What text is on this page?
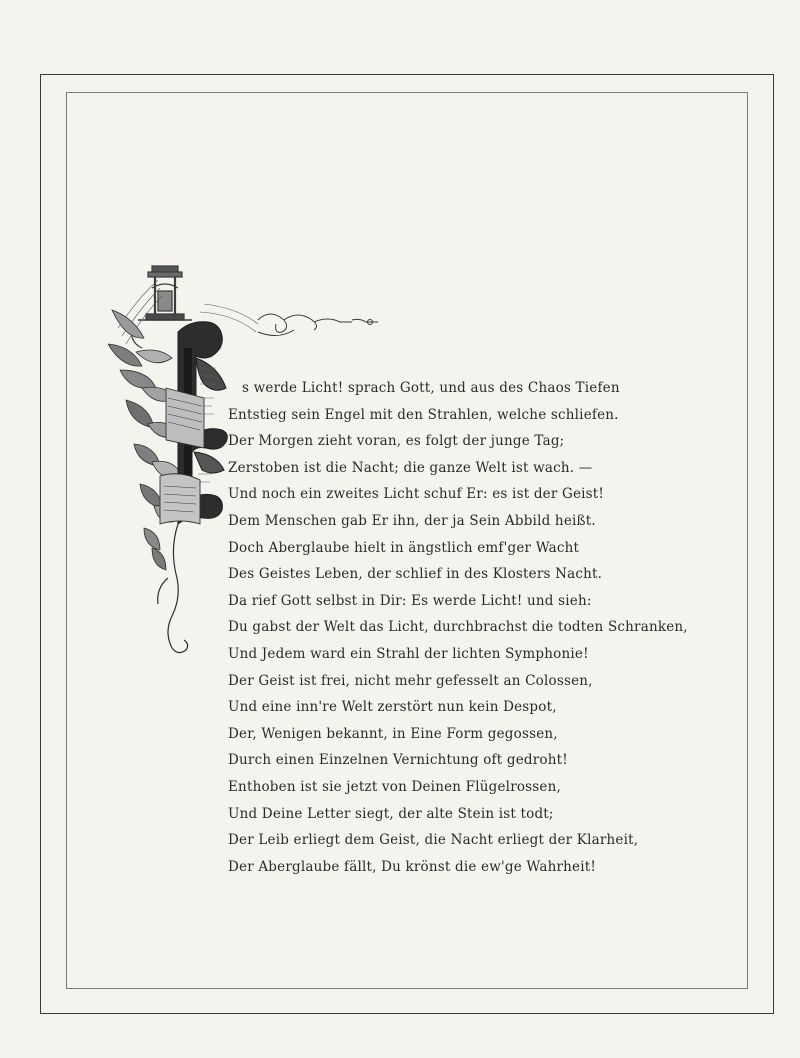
s werde Licht! sprach Gott, und aus des Chaos Tiefen
Entstieg sein Engel mit den Strahlen, welche schliefen.
Der Morgen zieht voran, es folgt der junge Tag;
Zerstoben ist die Nacht; die ganze Welt ist wach. —
Und noch ein zweites Licht schuf Er: es ist der Geist!
Dem Menschen gab Er ihn, der ja Sein Abbild heißt.
Doch Aberglaube hielt in ängstlich emf'ger Wacht
Des Geistes Leben, der schlief in des Klosters Nacht.
Da rief Gott selbst in Dir: Es werde Licht! und sieh:
Du gabst der Welt das Licht, durchbrachst die todten Schranken,
Und Jedem ward ein Strahl der lichten Symphonie!
Der Geist ist frei, nicht mehr gefesselt an Colossen,
Und eine inn're Welt zerstört nun kein Despot,
Der, Wenigen bekannt, in Eine Form gegossen,
Durch einen Einzelnen Vernichtung oft gedroht!
Enthoben ist sie jetzt von Deinen Flügelrossen,
Und Deine Letter siegt, der alte Stein ist todt;
Der Leib erliegt dem Geist, die Nacht erliegt der Klarheit,
Der Aberglaube fällt, Du krönst die ew'ge Wahrheit!
